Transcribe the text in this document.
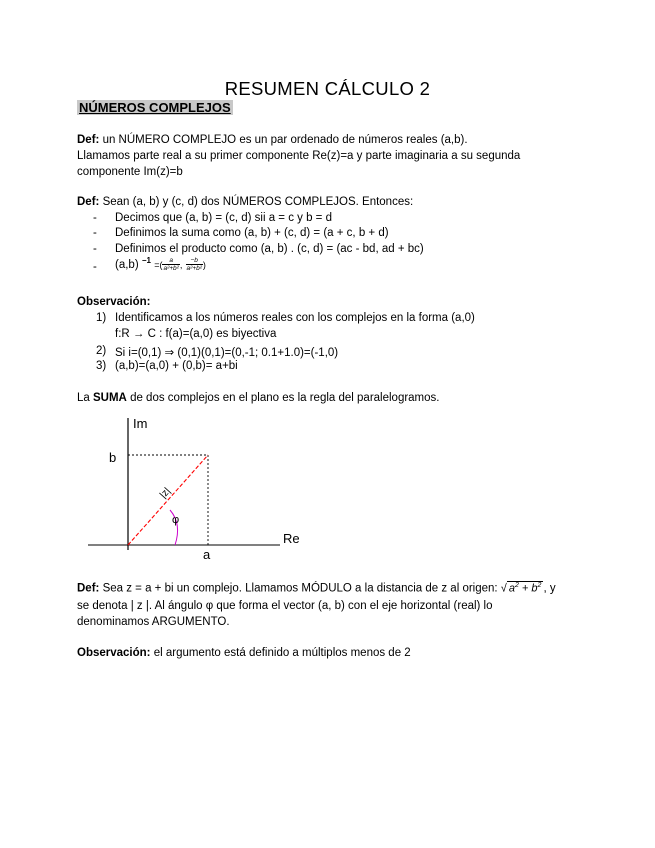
RESUMEN CÁLCULO 2
NÚMEROS COMPLEJOS
Def: un NÚMERO COMPLEJO es un par ordenado de números reales (a,b).
Llamamos parte real a su primer componente Re(z)=a y parte imaginaria a su segunda
componente Im(z)=b
Def: Sean (a, b) y (c, d) dos NÚMEROS COMPLEJOS. Entonces:
- Decimos que (a, b) = (c, d) sii a = c y b = d
- Definimos la suma como (a, b) + (c, d) = (a + c, b + d)
- Definimos el producto como (a, b) . (c, d) = (ac - bd, ad + bc)
- (a,b) $^{-1}$ =( $\frac{a}{\text{a²+b²}}$ , $\frac{-b}{\text{a²+b²}}$ )
Observación:
1) Identificamos a los números reales con los complejos en la forma (a,0)
f:R → C : f(a)=(a,0) es biyectiva
2) Si i=(0,1) ⇒ (0,1)(0,1)=(0,-1; 0.1+1.0)=(-1,0)
3) (a,b)=(a,0) + (0,b)= a+bi
La SUMA de dos complejos en el plano es la regla del paralelogramos.
Im
Re
b
a
|z|
φ
Def: Sea z = a + bi un complejo. Llamamos MÓDULO a la distancia de z al origen: √ $a^2 + b^2$ , y
se denota | z |. Al ángulo φ que forma el vector (a, b) con el eje horizontal (real) lo
denominamos ARGUMENTO.
Observación: el argumento está definido a múltiplos menos de 2
